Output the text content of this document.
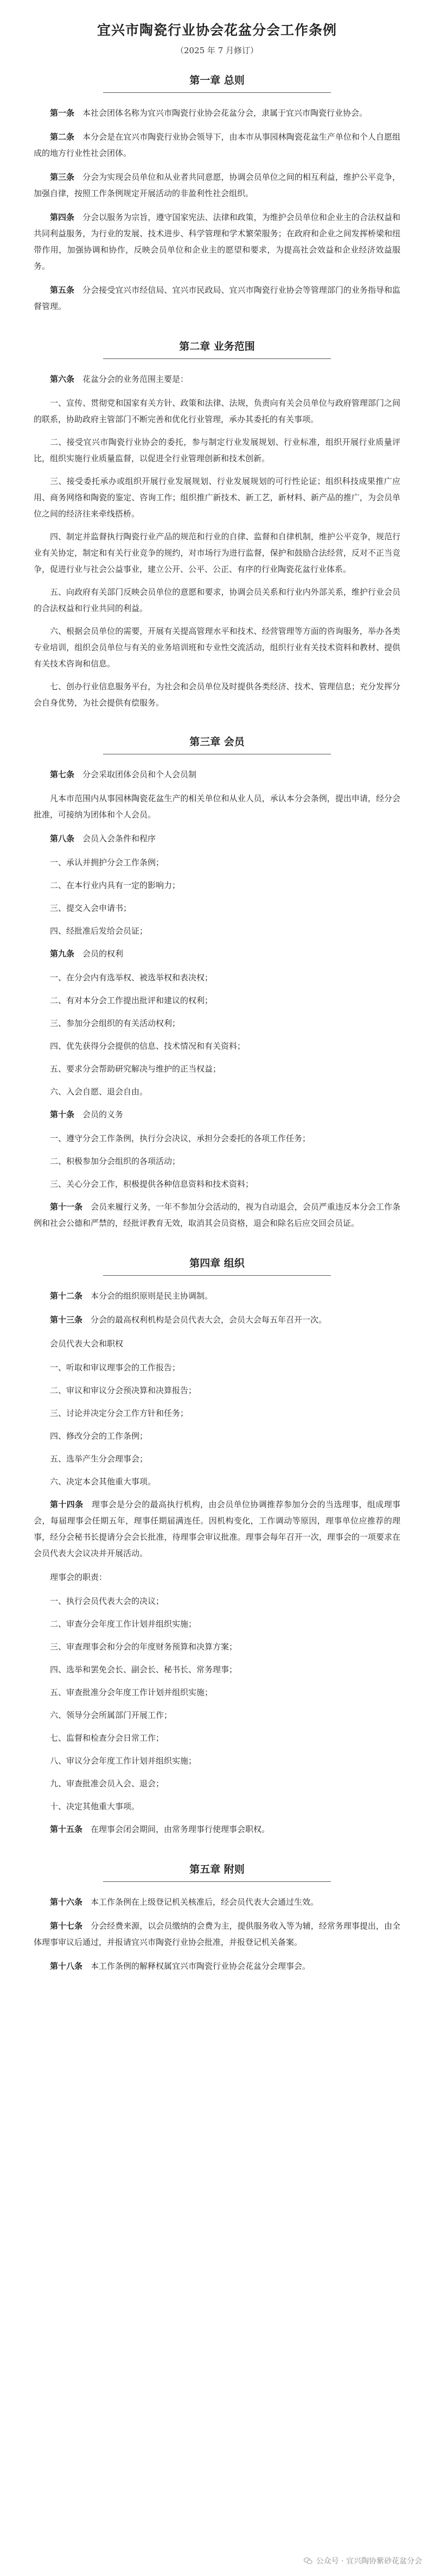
宜兴市陶瓷行业协会花盆分会工作条例
（2025 年 7 月修订）
第一章 总则

第一条　 本社会团体名称为宜兴市陶瓷行业协会花盆分会，隶属于宜兴市陶瓷行业协会。

第二条　 本分会是在宜兴市陶瓷行业协会领导下，由本市从事园林陶瓷花盆生产单位和个人自愿组成的地方行业性社会团体。

第三条　 分会为实现会员单位和从业者共同意愿，协调会员单位之间的相互利益，维护公平竞争，加强自律，按照工作条例规定开展活动的非盈利性社会组织。

第四条　 分会以服务为宗旨，遵守国家宪法、法律和政策，为维护会员单位和企业主的合法权益和共同利益服务，为行业的发展、技术进步、科学管理和学术繁荣服务；在政府和企业之间发挥桥梁和纽带作用，加强协调和协作，反映会员单位和企业主的愿望和要求，为提高社会效益和企业经济效益服务。

第五条　 分会接受宜兴市经信局、宜兴市民政局、宜兴市陶瓷行业协会等管理部门的业务指导和监督管理。

第二章 业务范围

第六条　 花盆分会的业务范围主要是：

一、宣传、贯彻党和国家有关方针、政策和法律、法规，负责向有关会员单位与政府管理部门之间的联系，协助政府主管部门不断完善和优化行业管理，承办其委托的有关事项。

二、接受宜兴市陶瓷行业协会的委托，参与制定行业发展规划、行业标准，组织开展行业质量评比，组织实施行业质量监督，以促进全行业管理创新和技术创新。

三、接受委托承办或组织开展行业发展规划、行业发展规划的可行性论证；组织科技成果推广应用、商务网络和陶瓷的鉴定、咨询工作；组织推广新技术、新工艺，新材料、新产品的推广，为会员单位之间的经济往来牵线搭桥。

四、制定并监督执行陶瓷行业产品的规范和行业的自律、监督和自律机制，维护公平竞争，规范行业有关协定，制定和有关行业竞争的规约，对市场行为进行监督，保护和鼓励合法经营，反对不正当竞争，促进行业与社会公益事业，建立公开、公平、公正、有序的行业陶瓷花盆行业体系。

五、向政府有关部门反映会员单位的意愿和要求，协调会员关系和行业内外部关系，维护行业会员的合法权益和行业共同的利益。

六、根据会员单位的需要，开展有关提高管理水平和技术、经营管理等方面的咨询服务，举办各类专业培训，组织会员单位与有关的业务培训班和专业性交流活动，组织行业有关技术资料和教材、提供有关技术咨询和信息。

七、创办行业信息服务平台，为社会和会员单位及时提供各类经济、技术、管理信息；充分发挥分会自身优势，为社会提供有偿服务。

第三章 会员

第七条　 分会采取团体会员和个人会员制

凡本市范围内从事园林陶瓷花盆生产的相关单位和从业人员，承认本分会条例，提出申请，经分会批准，可接纳为团体和个人会员。

第八条　 会员入会条件和程序

一、承认并拥护分会工作条例；

二、在本行业内具有一定的影响力；

三、提交入会申请书；

四、经批准后发给会员证；

第九条　 会员的权利

一、在分会内有选举权、被选举权和表决权；

二、有对本分会工作提出批评和建议的权利；

三、参加分会组织的有关活动权利；

四、优先获得分会提供的信息、技术情况和有关资料；

五、要求分会帮助研究解决与维护的正当权益；

六、入会自愿、退会自由。

第十条　 会员的义务

一、遵守分会工作条例，执行分会决议，承担分会委托的各项工作任务；

二、积极参加分会组织的各项活动；

三、关心分会工作，积极提供各种信息资料和技术资料；

第十一条　 会员来履行义务，一年不参加分会活动的，视为自动退会，会员严重违反本分会工作条例和社会公德和严禁的，经批评教育无效，取消其会员资格，退会和除名后应交回会员证。

第四章 组织

第十二条　 本分会的组织原则是民主协调制。

第十三条　 分会的最高权利机构是会员代表大会，会员大会每五年召开一次。

会员代表大会和职权

一、听取和审议理事会的工作报告；

二、审议和审议分会预决算和决算报告；

三、讨论并决定分会工作方针和任务；

四、修改分会的工作条例；

五、选举产生分会理事会；

六、决定本会其他重大事项。

第十四条　 理事会是分会的最高执行机构，由会员单位协调推荐参加分会的当选理事，组成理事会，每届理事会任期五年，理事任期届满连任。因机构变化，工作调动等原因，理事单位应推荐的理事，经分会秘书长提请分会会长批准，待理事会审议批准。理事会每年召开一次，理事会的一项要求在会员代表大会议决并开展活动。

理事会的职责：

一、执行会员代表大会的决议；

二、审查分会年度工作计划并组织实施；

三、审查理事会和分会的年度财务预算和决算方案；

四、选举和罢免会长、副会长、秘书长、常务理事；

五、审查批准分会年度工作计划并组织实施；

六、领导分会所属部门开展工作；

七、监督和检查分会日常工作；

八、审议分会年度工作计划并组织实施；

九、审查批准会员入会、退会；

十、决定其他重大事项。

第十五条　 在理事会闭会期间，由常务理事行使理事会职权。

第五章 附则

第十六条　 本工作条例在上级登记机关核准后，经会员代表大会通过生效。

第十七条　 分会经费来源，以会员缴纳的会费为主，提供服务收入等为辅，经常务理事提出，由全体理事审议后通过，并报请宜兴市陶瓷行业协会批准，并报登记机关备案。

第十八条　 本工作条例的解释权属宜兴市陶瓷行业协会花盆分会理事会。

公众号 · 宜兴陶协紫砂花盆分会
